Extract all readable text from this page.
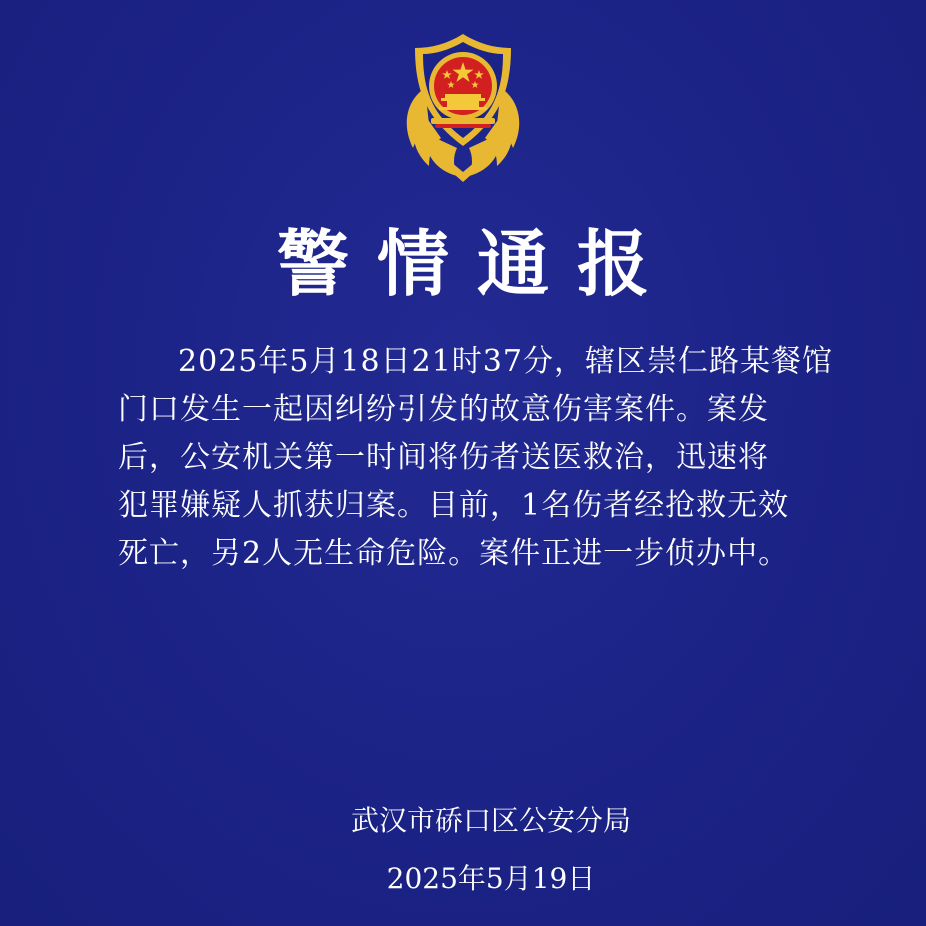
警情通报
2025年5月18日21时37分，辖区崇仁路某餐馆
门口发生一起因纠纷引发的故意伤害案件。案发
后，公安机关第一时间将伤者送医救治，迅速将
犯罪嫌疑人抓获归案。目前，1名伤者经抢救无效
死亡，另2人无生命危险。案件正进一步侦办中。
武汉市硚口区公安分局
2025年5月19日
